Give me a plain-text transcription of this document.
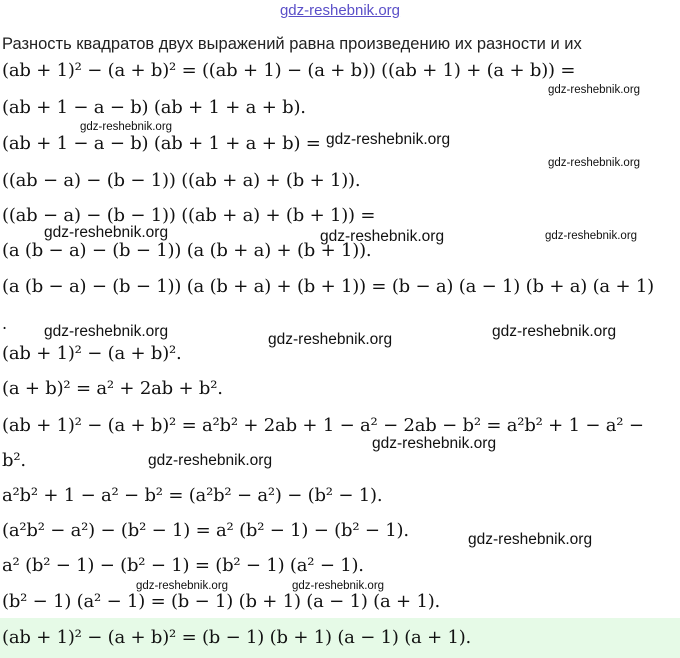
gdz-reshebnik.org
Разность квадратов двух выражений равна произведению их разности и их
(ab + 1)² − (a + b)² = ((ab + 1) − (a + b)) ((ab + 1) + (a + b)) =
(ab + 1 − a − b) (ab + 1 + a + b).
(ab + 1 − a − b) (ab + 1 + a + b) =
((ab − a) − (b − 1)) ((ab + a) + (b + 1)).
((ab − a) − (b − 1)) ((ab + a) + (b + 1)) =
(a (b − a) − (b − 1)) (a (b + a) + (b + 1)).
(a (b − a) − (b − 1)) (a (b + a) + (b + 1)) = (b − a) (a − 1) (b + a) (a + 1)
.
(ab + 1)² − (a + b)².
(a + b)² = a² + 2ab + b².
(ab + 1)² − (a + b)² = a²b² + 2ab + 1 − a² − 2ab − b² = a²b² + 1 − a² −
b².
a²b² + 1 − a² − b² = (a²b² − a²) − (b² − 1).
(a²b² − a²) − (b² − 1) = a² (b² − 1) − (b² − 1).
a² (b² − 1) − (b² − 1) = (b² − 1) (a² − 1).
(b² − 1) (a² − 1) = (b − 1) (b + 1) (a − 1) (a + 1).
(ab + 1)² − (a + b)² = (b − 1) (b + 1) (a − 1) (a + 1).
gdz-reshebnik.org
gdz-reshebnik.org
gdz-reshebnik.org
gdz-reshebnik.org
gdz-reshebnik.org	gdz-reshebnik.org	gdz-reshebnik.org
gdz-reshebnik.org	gdz-reshebnik.org	gdz-reshebnik.org
gdz-reshebnik.org
gdz-reshebnik.org
gdz-reshebnik.org
gdz-reshebnik.org	gdz-reshebnik.org
